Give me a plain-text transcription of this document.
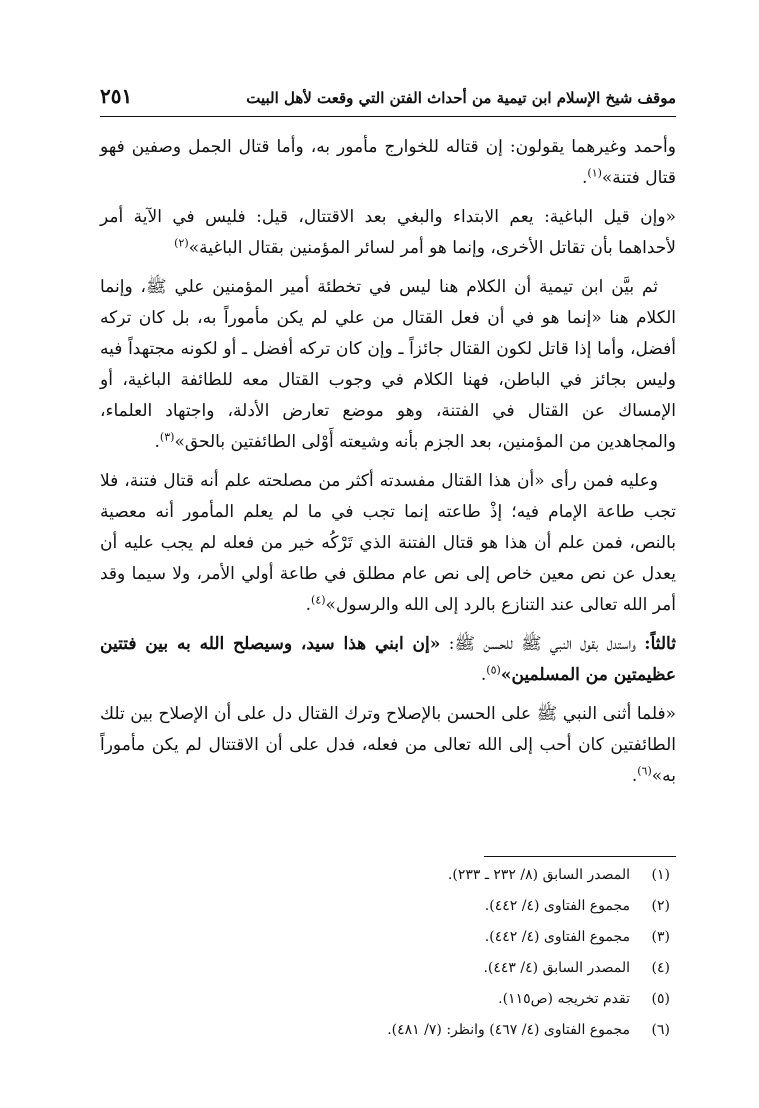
موقف شيخ الإسلام ابن تيمية من أحداث الفتن التي وقعت لأهل البيت
٢٥١

وأحمد وغيرهما يقولون: إن قتاله للخوارج مأمور به، وأما قتال الجمل وصفين فهو قتال فتنة»$^{(١)}$.

«وإن قيل الباغية: يعم الابتداء والبغي بعد الاقتتال، قيل: فليس في الآية أمر لأحداهما بأن تقاتل الأخرى، وإنما هو أمر لسائر المؤمنين بقتال الباغية»$^{(٢)}$

ثم بيَّن ابن تيمية أن الكلام هنا ليس في تخطئة أمير المؤمنين علي ﷺ، وإنما الكلام هنا «إنما هو في أن فعل القتال من علي لم يكن مأموراً به، بل كان تركه أفضل، وأما إذا قاتل لكون القتال جائزاً ـ وإن كان تركه أفضل ـ أو لكونه مجتهداً فيه وليس بجائز في الباطن، فهنا الكلام في وجوب القتال معه للطائفة الباغية، أو الإمساك عن القتال في الفتنة، وهو موضع تعارض الأدلة، واجتهاد العلماء، والمجاهدين من المؤمنين، بعد الجزم بأنه وشيعته أَوْلى الطائفتين بالحق»$^{(٣)}$.

وعليه فمن رأى «أن هذا القتال مفسدته أكثر من مصلحته علم أنه قتال فتنة، فلا تجب طاعة الإمام فيه؛ إذْ طاعته إنما تجب في ما لم يعلم المأمور أنه معصية بالنص، فمن علم أن هذا هو قتال الفتنة الذي تَرْكُه خير من فعله لم يجب عليه أن يعدل عن نص معين خاص إلى نص عام مطلق في طاعة أولي الأمر، ولا سيما وقد أمر الله تعالى عند التنازع بالرد إلى الله والرسول»$^{(٤)}$.

ثالثاً: واستدل بقول النبي ﷺ للحسن ﷺ: «إن ابني هذا سيد، وسيصلح الله به بين فتتين عظيمتين من المسلمين»$^{(٥)}$.

«فلما أثنى النبي ﷺ على الحسن بالإصلاح وترك القتال دل على أن الإصلاح بين تلك الطائفتين كان أحب إلى الله تعالى من فعله، فدل على أن الاقتتال لم يكن مأموراً به»$^{(٦)}$.

(١)
المصدر السابق (٨/ ٢٣٢ ـ ٢٣٣).
(٢)
مجموع الفتاوى (٤/ ٤٤٢).
(٣)
مجموع الفتاوى (٤/ ٤٤٢).
(٤)
المصدر السابق (٤/ ٤٤٣).
(٥)
تقدم تخريجه (ص١١٥).
(٦)
مجموع الفتاوى (٤/ ٤٦٧) وانظر: (٧/ ٤٨١).
